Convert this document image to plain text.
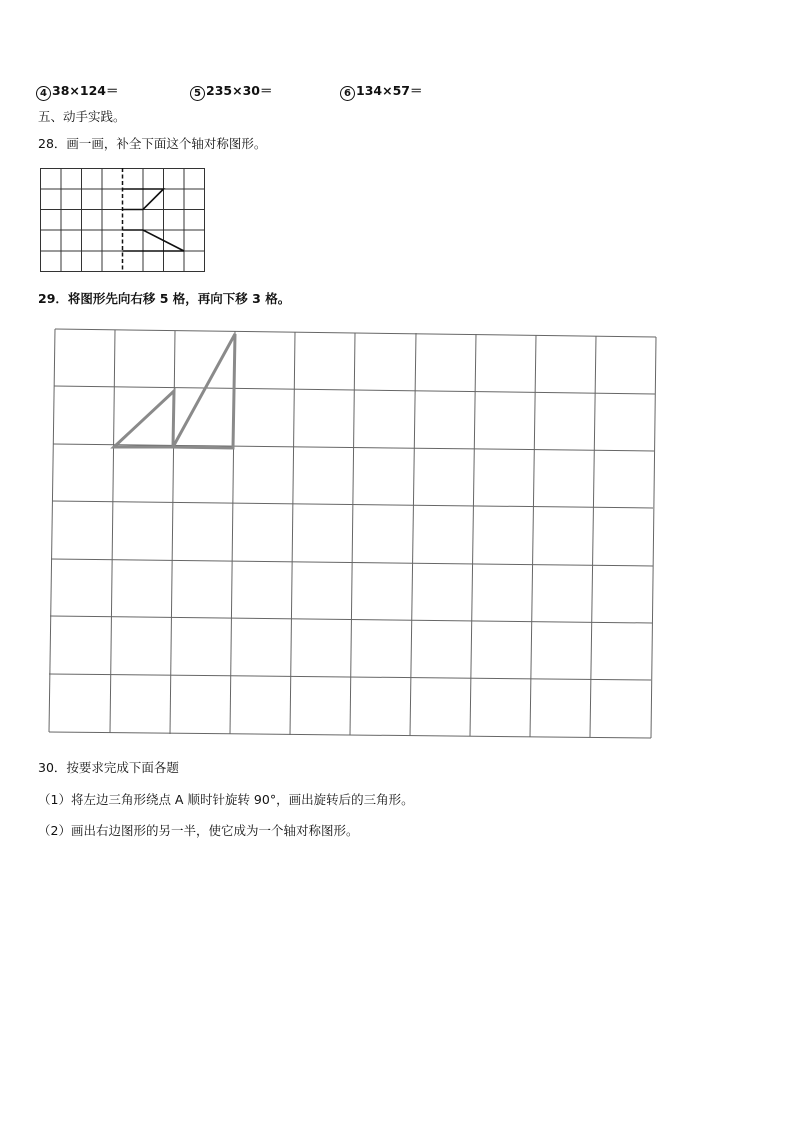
4 38×124＝	5 235×30＝	6 134×57＝
五、动手实践。
28．画一画，补全下面这个轴对称图形。
29．将图形先向右移 5 格，再向下移 3 格。
30．按要求完成下面各题
（1）将左边三角形绕点 A 顺时针旋转 90°，画出旋转后的三角形。
（2）画出右边图形的另一半，使它成为一个轴对称图形。
